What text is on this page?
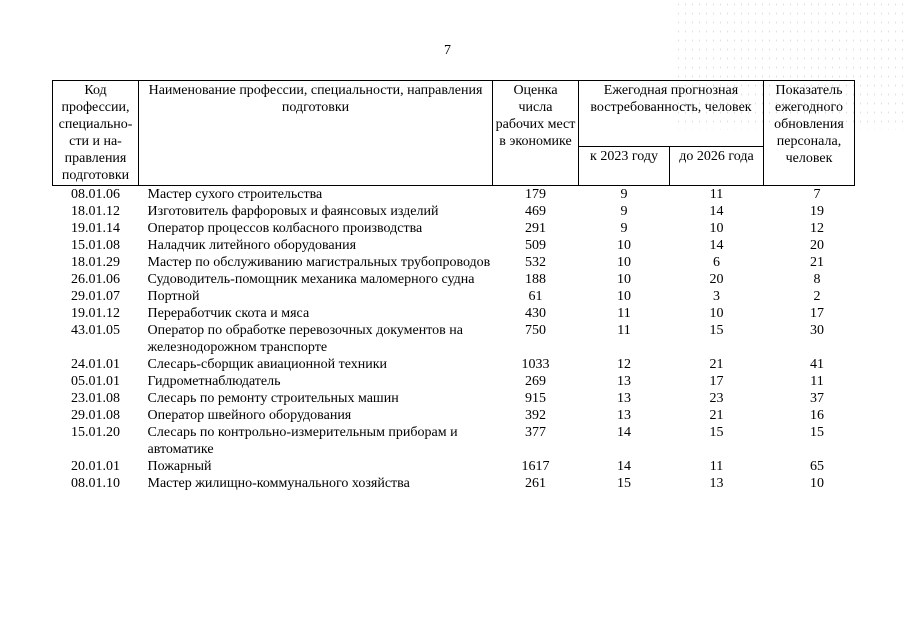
7
Код профессии, специально-сти и на-правления подготовки	Наименование профессии, специальности, направления подготовки	Оценка числа рабочих мест в экономике	Ежегодная прогнозная востребованность, человек		Показатель ежегодного обновления персонала, человек
			к 2023 году	до 2026 года	
08.01.06	Мастер сухого строительства	179	9	11	7
18.01.12	Изготовитель фарфоровых и фаянсовых изделий	469	9	14	19
19.01.14	Оператор процессов колбасного производства	291	9	10	12
15.01.08	Наладчик литейного оборудования	509	10	14	20
18.01.29	Мастер по обслуживанию магистральных трубопроводов	532	10	6	21
26.01.06	Судоводитель-помощник механика маломерного судна	188	10	20	8
29.01.07	Портной	61	10	3	2
19.01.12	Переработчик скота и мяса	430	11	10	17
43.01.05	Оператор по обработке перевозочных документов на железнодорожном транспорте	750	11	15	30
24.01.01	Слесарь-сборщик авиационной техники	1033	12	21	41
05.01.01	Гидрометнаблюдатель	269	13	17	11
23.01.08	Слесарь по ремонту строительных машин	915	13	23	37
29.01.08	Оператор швейного оборудования	392	13	21	16
15.01.20	Слесарь по контрольно-измерительным приборам и автоматике	377	14	15	15
20.01.01	Пожарный	1617	14	11	65
08.01.10	Мастер жилищно-коммунального хозяйства	261	15	13	10
